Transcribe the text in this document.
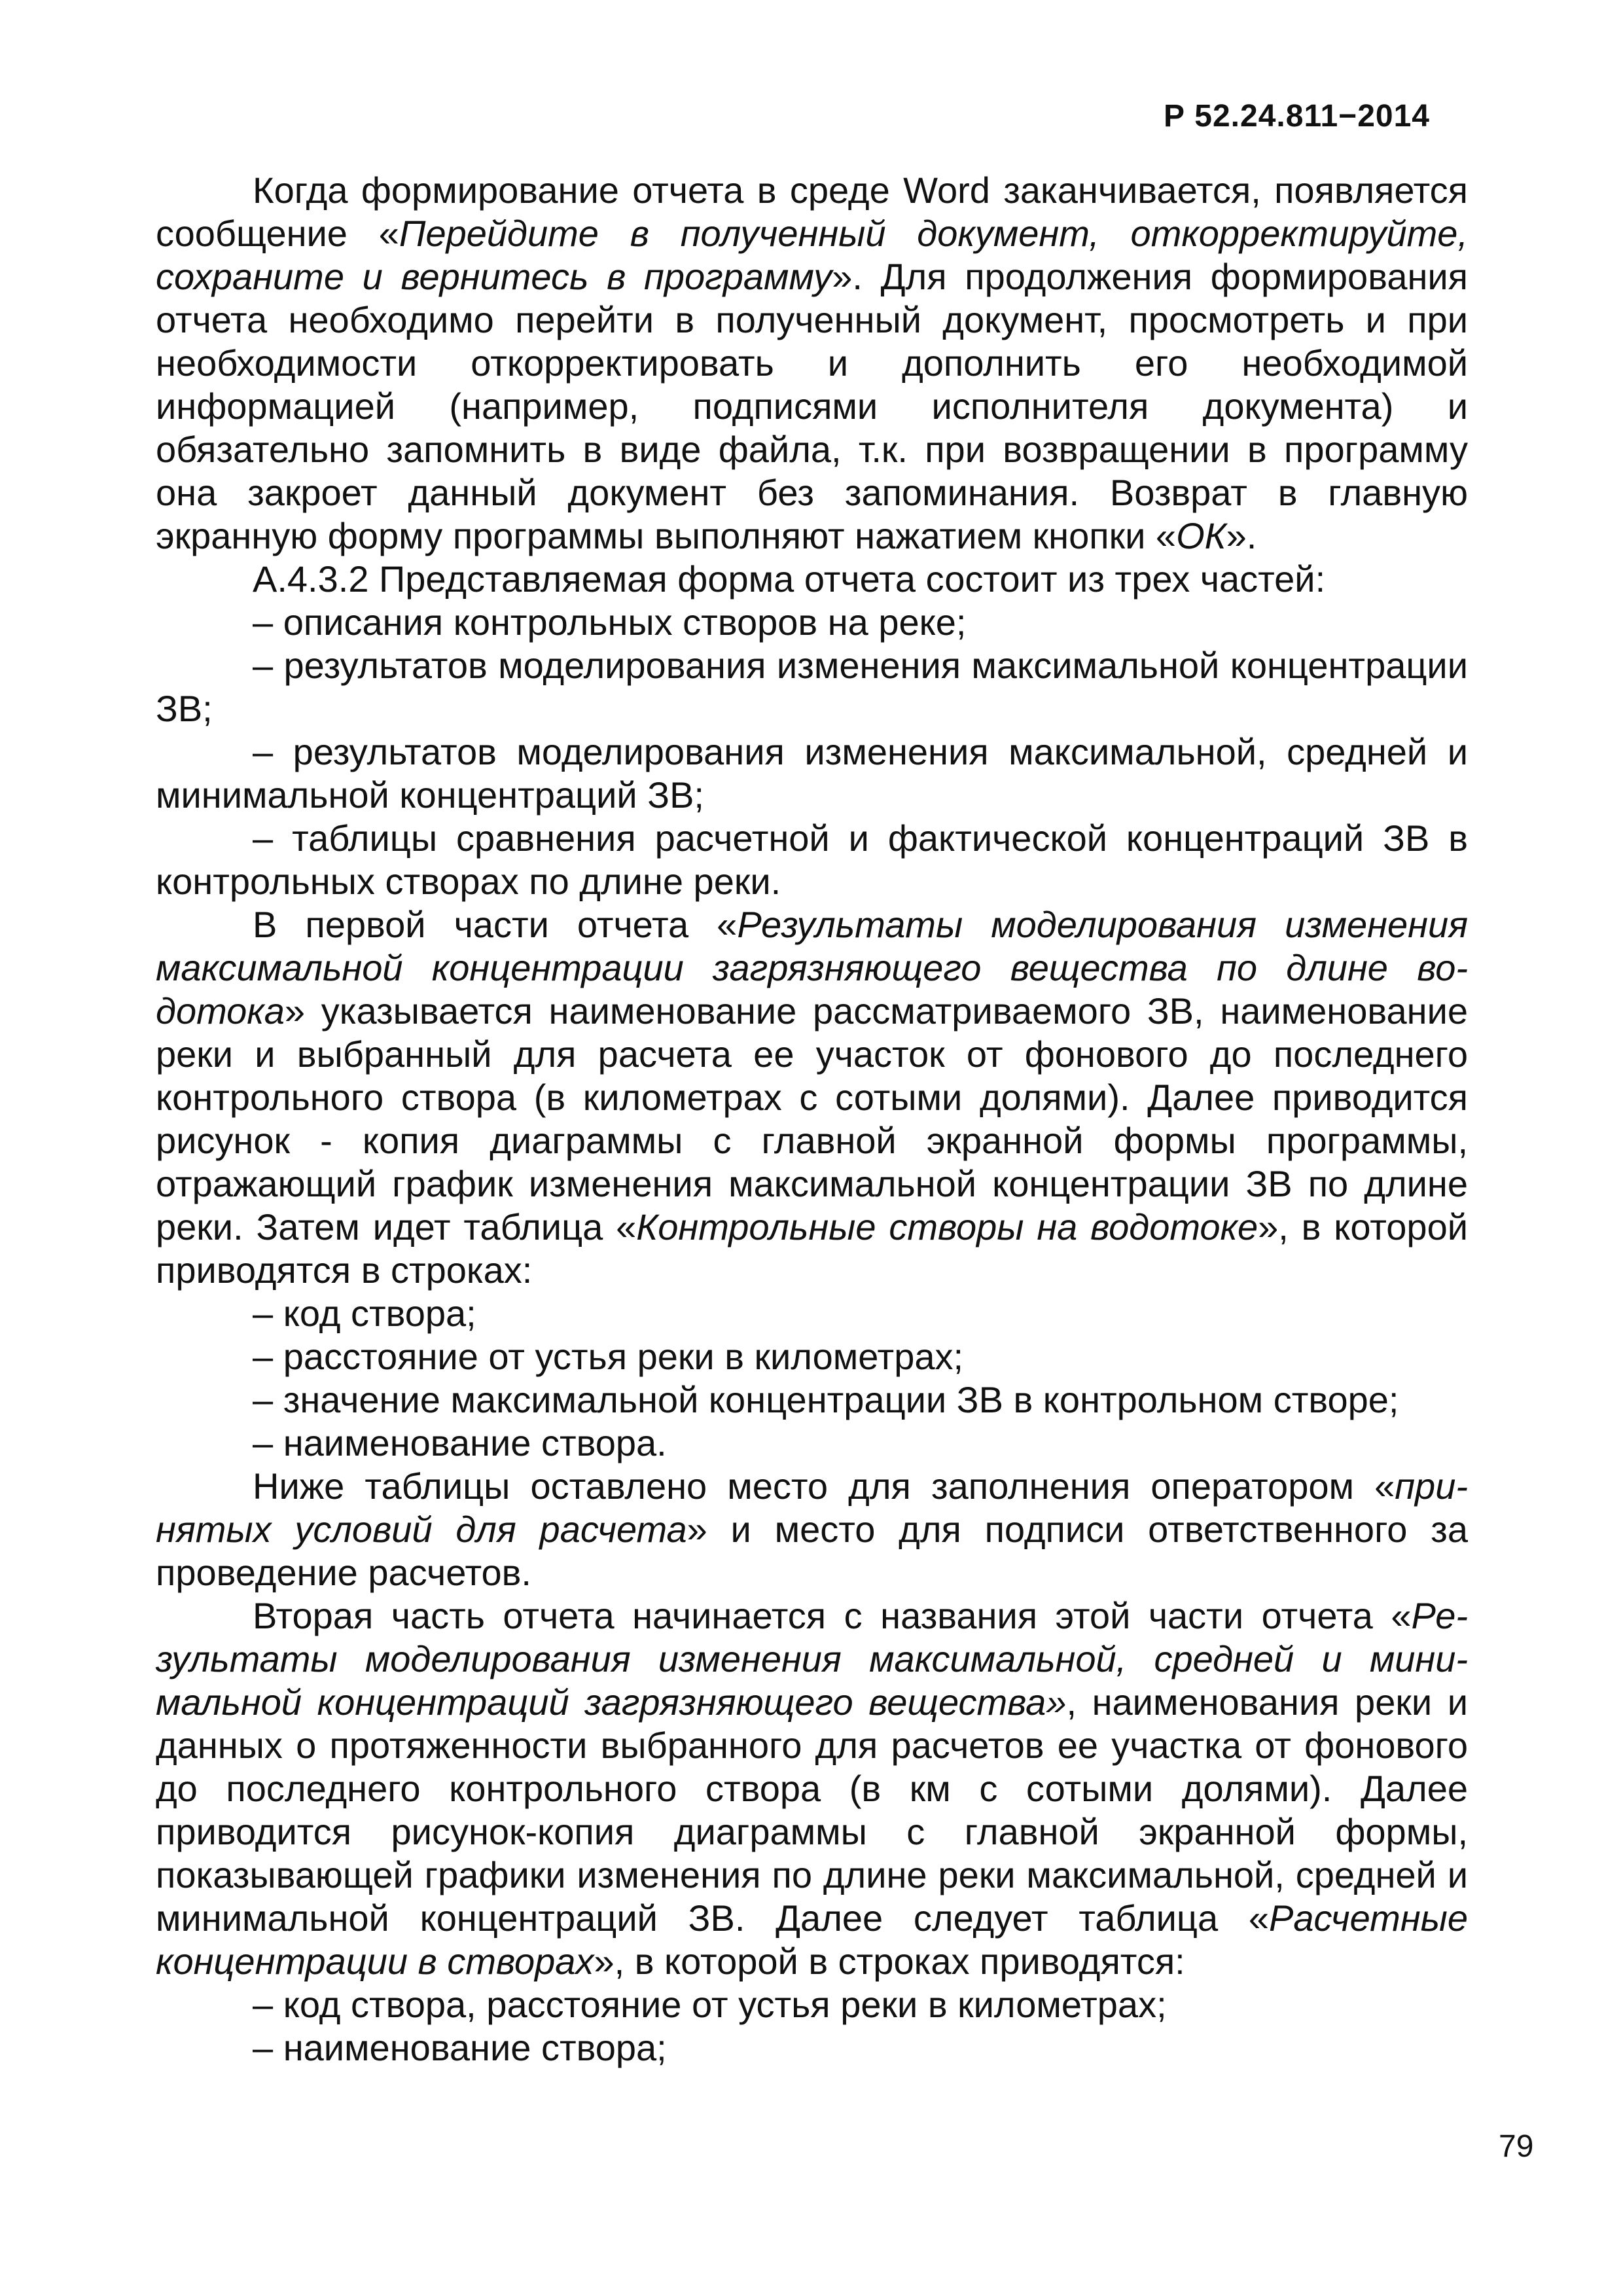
Р 52.24.811−2014

Когда формирование отчета в среде Word заканчивается, появляется сообщение «Перейдите в полученный документ, откорректируйте, сохраните и вернитесь в программу». Для продолжения формирования отчета необходимо перейти в полученный документ, просмотреть и при необходимости откорректировать и дополнить его необходимой информацией (например, подписями исполнителя документа) и обязательно запомнить в виде файла, т.к. при возвращении в программу она закроет данный документ без запоминания. Возврат в главную экранную форму программы выполняют нажатием кнопки «ОК».

А.4.3.2 Представляемая форма отчета состоит из трех частей:

– описания контрольных створов на реке;

– результатов моделирования изменения максимальной концентрации ЗВ;

– результатов моделирования изменения максимальной, средней и минимальной концентраций ЗВ;

– таблицы сравнения расчетной и фактической концентраций ЗВ в контрольных створах по длине реки.

В первой части отчета «Результаты моделирования изменения максимальной концентрации загрязняющего вещества по длине водотока» указывается наименование рассматриваемого ЗВ, наименование реки и выбранный для расчета ее участок от фонового до последнего контрольного створа (в километрах с сотыми долями). Далее приводится рисунок - копия диаграммы с главной экранной формы программы, отражающий график изменения максимальной концентрации ЗВ по длине реки. Затем идет таблица «Контрольные створы на водотоке», в которой приводятся в строках:

– код створа;

– расстояние от устья реки в километрах;

– значение максимальной концентрации ЗВ в контрольном створе;

– наименование створа.

Ниже таблицы оставлено место для заполнения оператором «принятых условий для расчета» и место для подписи ответственного за проведение расчетов.

Вторая часть отчета начинается с названия этой части отчета «Результаты моделирования изменения максимальной, средней и минимальной концентраций загрязняющего вещества», наименования реки и данных о протяженности выбранного для расчетов ее участка от фонового до последнего контрольного створа (в км с сотыми долями). Далее приводится рисунок-копия диаграммы с главной экранной формы, показывающей графики изменения по длине реки максимальной, средней и минимальной концентраций ЗВ. Далее следует таблица «Расчетные концентрации в створах», в которой в строках приводятся:

– код створа, расстояние от устья реки в километрах;

– наименование створа;

79
